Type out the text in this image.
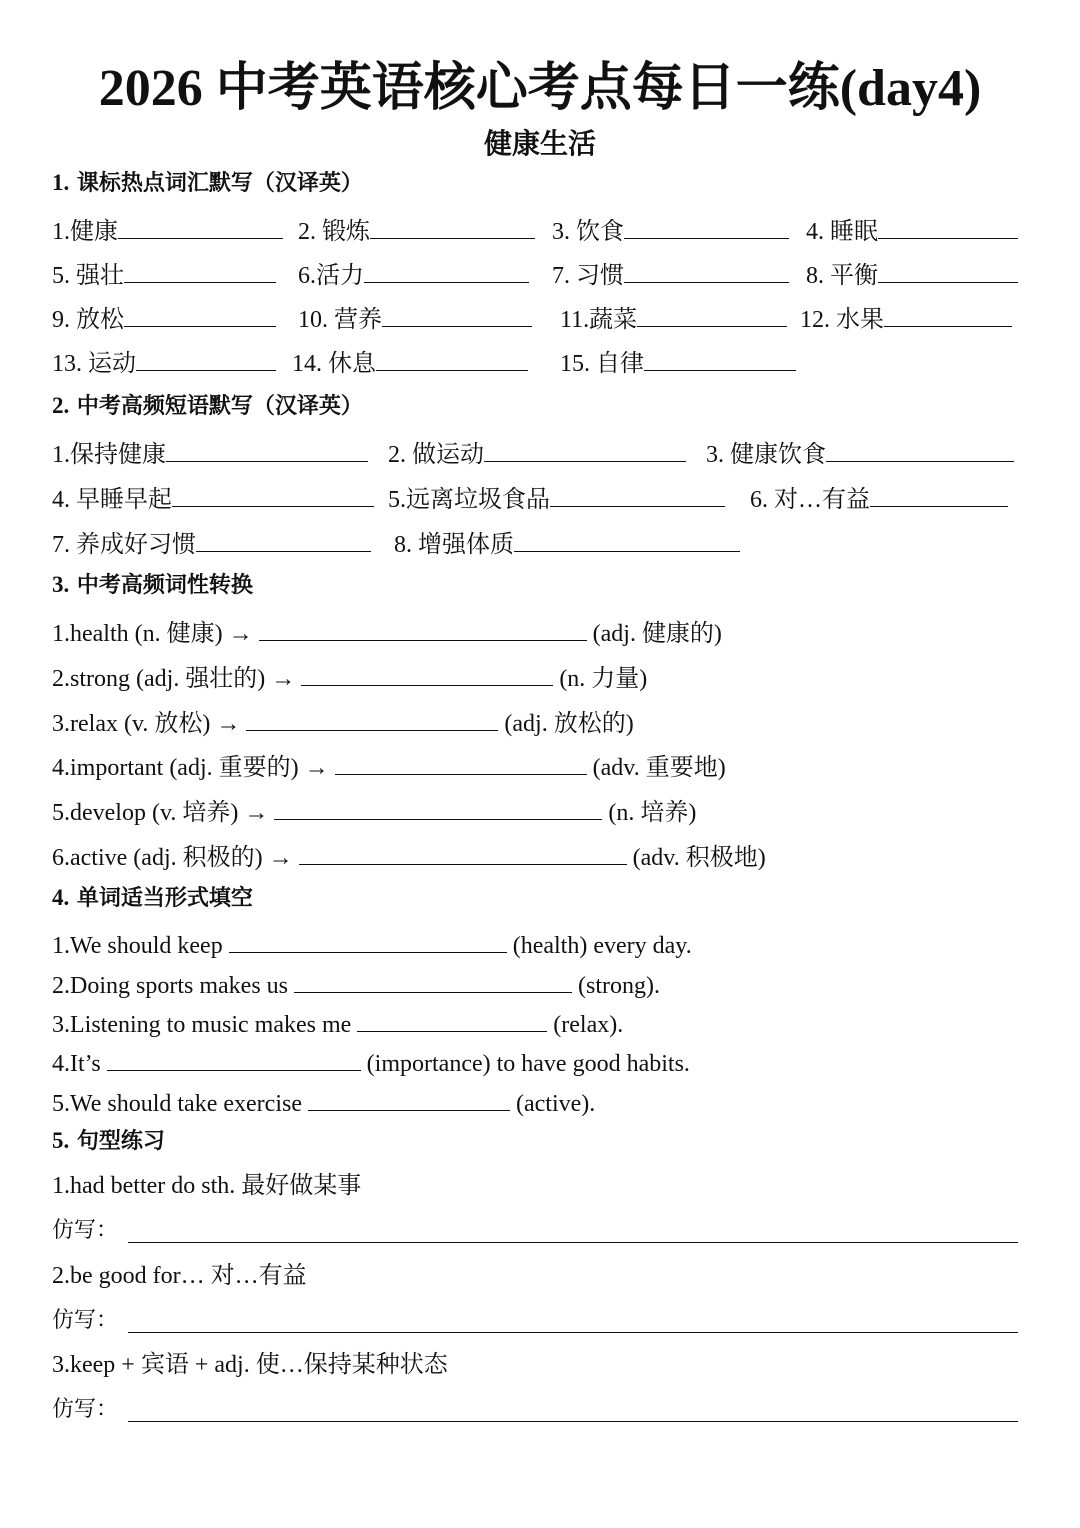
2026 中考英语核心考点每日一练(day4)
健康生活
1. 课标热点词汇默写（汉译英）
1.健康	2. 锻炼	3. 饮食	4. 睡眠
5. 强壮	6.活力	7. 习惯	8. 平衡
9. 放松	10. 营养	11.蔬菜	12. 水果
13. 运动	14. 休息	15. 自律
2. 中考高频短语默写（汉译英）
1.保持健康	2. 做运动	3. 健康饮食
4. 早睡早起	5.远离垃圾食品	6. 对…有益
7. 养成好习惯	8. 增强体质
3. 中考高频词性转换
1.health (n. 健康) →	(adj. 健康的)
2.strong (adj. 强壮的) →	(n. 力量)
3.relax (v. 放松) →	(adj. 放松的)
4.important (adj. 重要的) →	(adv. 重要地)
5.develop (v. 培养) →	(n. 培养)
6.active (adj. 积极的) →	(adv. 积极地)
4. 单词适当形式填空
1.We should keep	(health) every day.
2.Doing sports makes us	(strong).
3.Listening to music makes me	(relax).
4.It’s	(importance) to have good habits.
5.We should take exercise	(active).
5. 句型练习
1.had better do sth. 最好做某事
仿写：
2.be good for… 对…有益
仿写：
3.keep + 宾语 + adj. 使…保持某种状态
仿写：
